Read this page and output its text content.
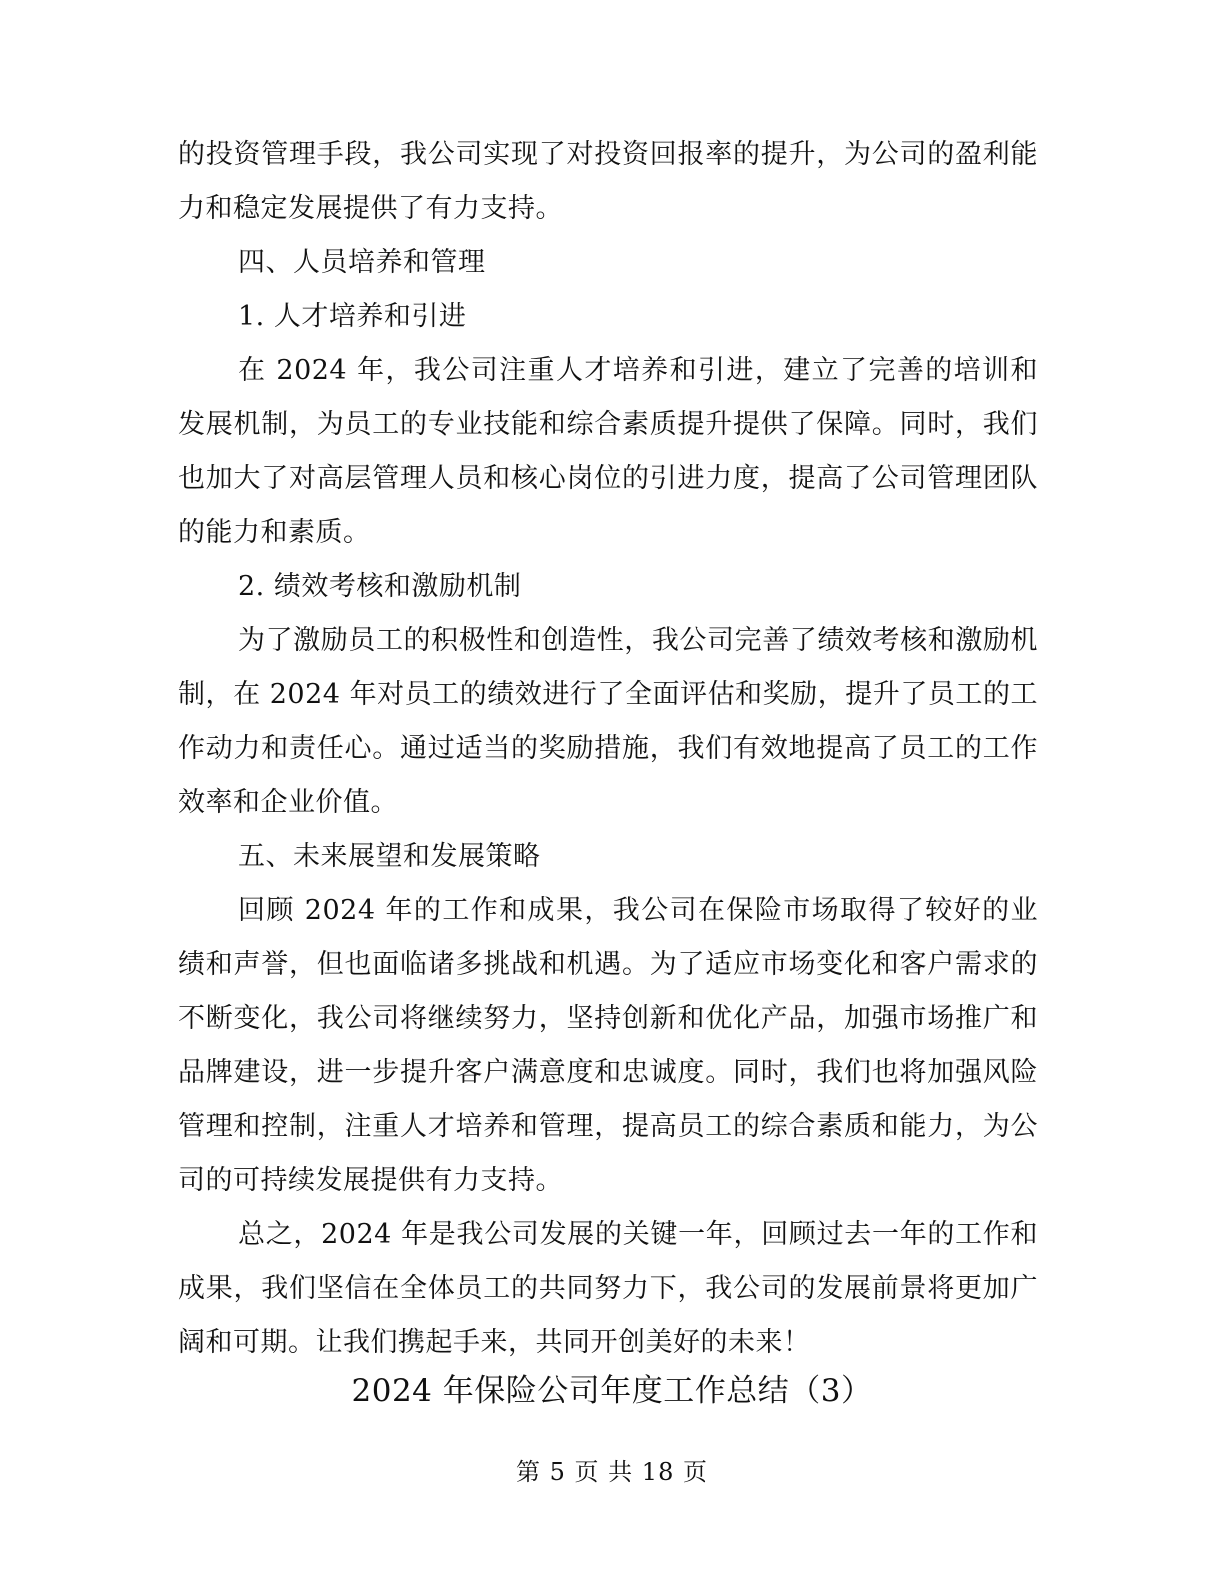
的投资管理手段，我公司实现了对投资回报率的提升，为公司的盈利能力和稳定发展提供了有力支持。

四、人员培养和管理

1. 人才培养和引进

在 2024 年，我公司注重人才培养和引进，建立了完善的培训和发展机制，为员工的专业技能和综合素质提升提供了保障。同时，我们也加大了对高层管理人员和核心岗位的引进力度，提高了公司管理团队的能力和素质。

2. 绩效考核和激励机制

为了激励员工的积极性和创造性，我公司完善了绩效考核和激励机制，在 2024 年对员工的绩效进行了全面评估和奖励，提升了员工的工作动力和责任心。通过适当的奖励措施，我们有效地提高了员工的工作效率和企业价值。

五、未来展望和发展策略

回顾 2024 年的工作和成果，我公司在保险市场取得了较好的业绩和声誉，但也面临诸多挑战和机遇。为了适应市场变化和客户需求的不断变化，我公司将继续努力，坚持创新和优化产品，加强市场推广和品牌建设，进一步提升客户满意度和忠诚度。同时，我们也将加强风险管理和控制，注重人才培养和管理，提高员工的综合素质和能力，为公司的可持续发展提供有力支持。

总之，2024 年是我公司发展的关键一年，回顾过去一年的工作和成果，我们坚信在全体员工的共同努力下，我公司的发展前景将更加广阔和可期。让我们携起手来，共同开创美好的未来！

2024 年保险公司年度工作总结（3）
第 5 页 共 18 页
